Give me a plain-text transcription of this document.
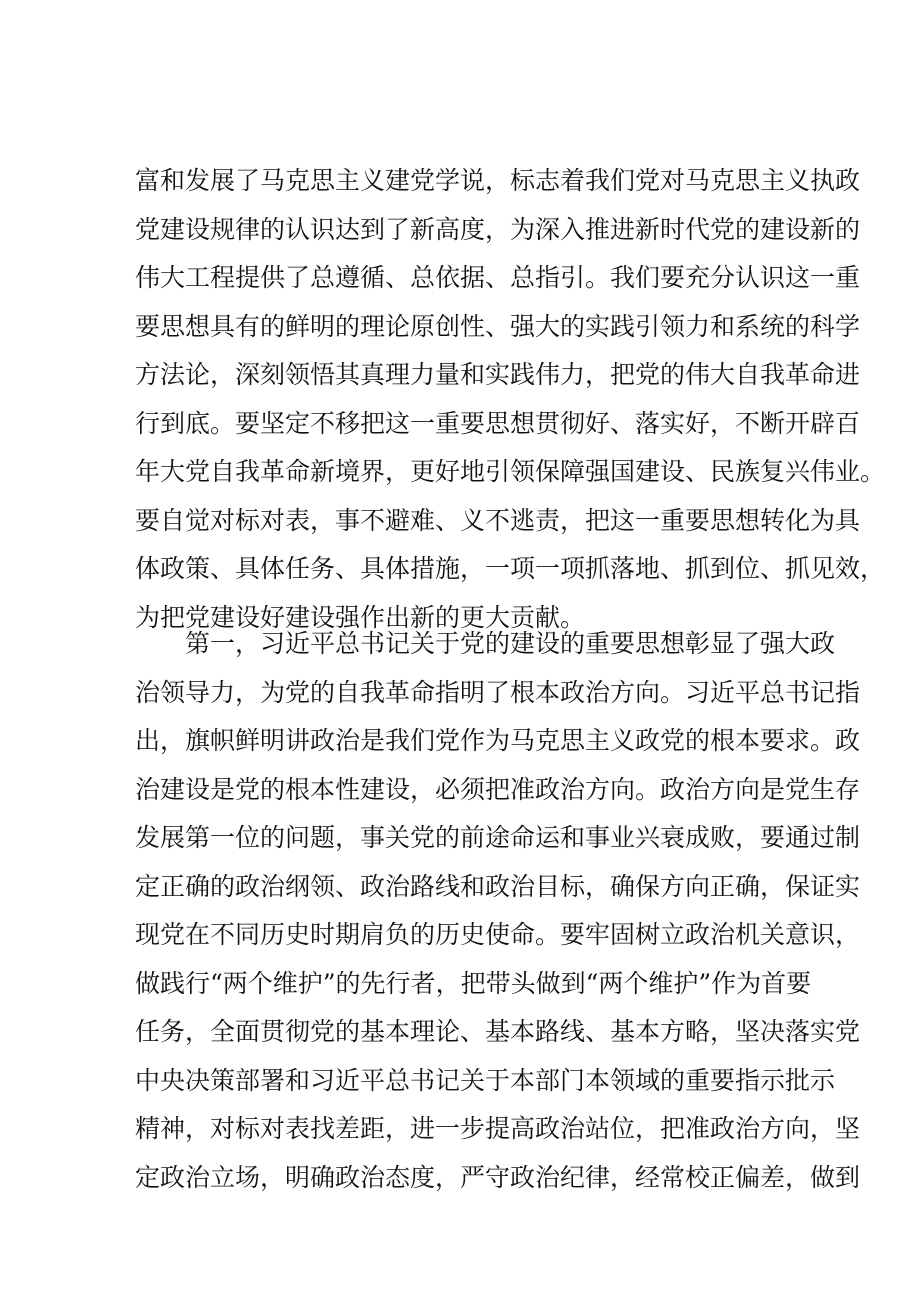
富和发展了马克思主义建党学说，标志着我们党对马克思主义执政
党建设规律的认识达到了新高度，为深入推进新时代党的建设新的
伟大工程提供了总遵循、总依据、总指引。我们要充分认识这一重
要思想具有的鲜明的理论原创性、强大的实践引领力和系统的科学
方法论，深刻领悟其真理力量和实践伟力，把党的伟大自我革命进
行到底。要坚定不移把这一重要思想贯彻好、落实好，不断开辟百
年大党自我革命新境界，更好地引领保障强国建设、民族复兴伟业。
要自觉对标对表，事不避难、义不逃责，把这一重要思想转化为具
体政策、具体任务、具体措施，一项一项抓落地、抓到位、抓见效，
为把党建设好建设强作出新的更大贡献。
第一，习近平总书记关于党的建设的重要思想彰显了强大政
治领导力，为党的自我革命指明了根本政治方向。习近平总书记指
出，旗帜鲜明讲政治是我们党作为马克思主义政党的根本要求。政
治建设是党的根本性建设，必须把准政治方向。政治方向是党生存
发展第一位的问题，事关党的前途命运和事业兴衰成败，要通过制
定正确的政治纲领、政治路线和政治目标，确保方向正确，保证实
现党在不同历史时期肩负的历史使命。要牢固树立政治机关意识，
做践行“两个维护”的先行者，把带头做到“两个维护”作为首要
任务，全面贯彻党的基本理论、基本路线、基本方略，坚决落实党
中央决策部署和习近平总书记关于本部门本领域的重要指示批示
精神，对标对表找差距，进一步提高政治站位，把准政治方向，坚
定政治立场，明确政治态度，严守政治纪律，经常校正偏差，做到
